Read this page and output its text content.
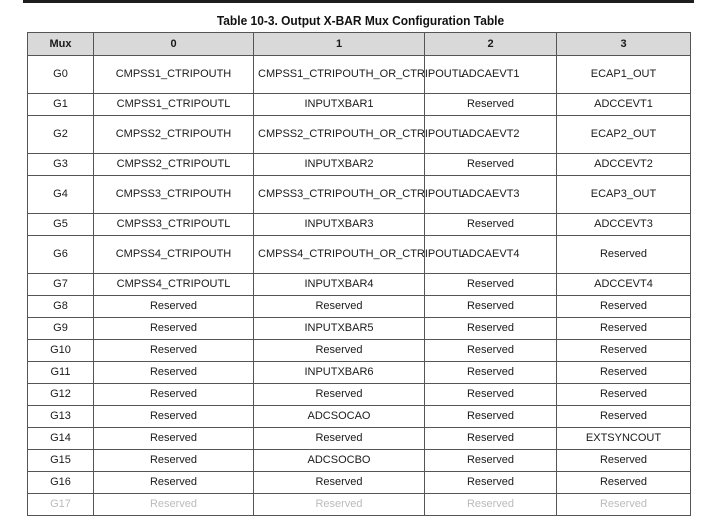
Table 10-3. Output X-BAR Mux Configuration Table
Mux	0	1	2	3
G0	CMPSS1_CTRIPOUTH	CMPSS1_CTRIPOUTH_OR_CTRIPOUTL	ADCAEVT1	ECAP1_OUT
G1	CMPSS1_CTRIPOUTL	INPUTXBAR1	Reserved	ADCCEVT1
G2	CMPSS2_CTRIPOUTH	CMPSS2_CTRIPOUTH_OR_CTRIPOUTL	ADCAEVT2	ECAP2_OUT
G3	CMPSS2_CTRIPOUTL	INPUTXBAR2	Reserved	ADCCEVT2
G4	CMPSS3_CTRIPOUTH	CMPSS3_CTRIPOUTH_OR_CTRIPOUTL	ADCAEVT3	ECAP3_OUT
G5	CMPSS3_CTRIPOUTL	INPUTXBAR3	Reserved	ADCCEVT3
G6	CMPSS4_CTRIPOUTH	CMPSS4_CTRIPOUTH_OR_CTRIPOUTL	ADCAEVT4	Reserved
G7	CMPSS4_CTRIPOUTL	INPUTXBAR4	Reserved	ADCCEVT4
G8	Reserved	Reserved	Reserved	Reserved
G9	Reserved	INPUTXBAR5	Reserved	Reserved
G10	Reserved	Reserved	Reserved	Reserved
G11	Reserved	INPUTXBAR6	Reserved	Reserved
G12	Reserved	Reserved	Reserved	Reserved
G13	Reserved	ADCSOCAO	Reserved	Reserved
G14	Reserved	Reserved	Reserved	EXTSYNCOUT
G15	Reserved	ADCSOCBO	Reserved	Reserved
G16	Reserved	Reserved	Reserved	Reserved
G17	Reserved	Reserved	Reserved	Reserved
